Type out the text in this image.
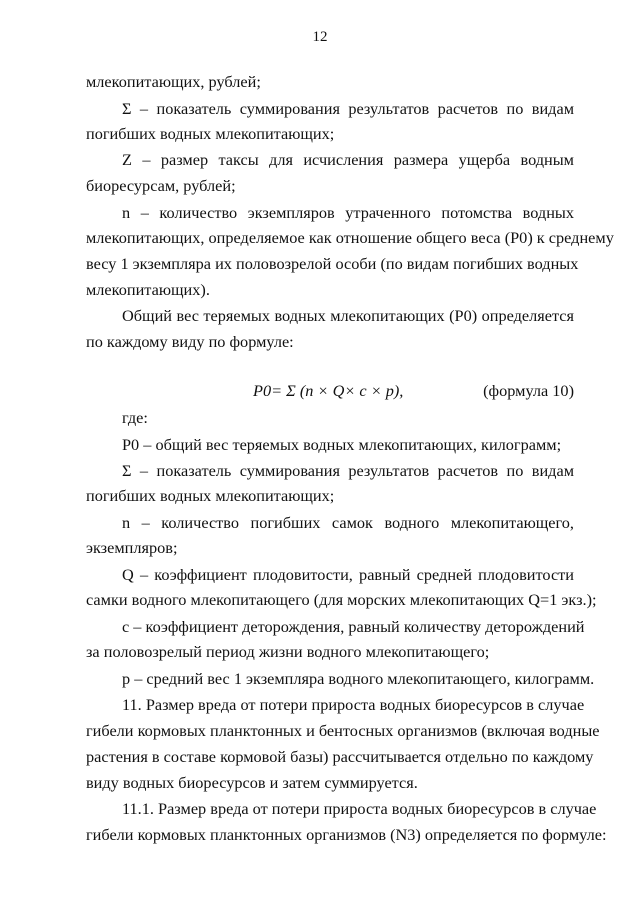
12
млекопитающих, рублей;
Σ – показатель суммирования результатов расчетов по видам
погибших водных млекопитающих;
Z – размер таксы для исчисления размера ущерба водным
биоресурсам, рублей;
n – количество экземпляров утраченного потомства водных
млекопитающих, определяемое как отношение общего веса (P0) к среднему
весу 1 экземпляра их половозрелой особи (по видам погибших водных
млекопитающих).
Общий вес теряемых водных млекопитающих (P0) определяется
по каждому виду по формуле:
P0= Σ (n × Q× c × p),	(формула 10)
где:
P0 – общий вес теряемых водных млекопитающих, килограмм;
Σ – показатель суммирования результатов расчетов по видам
погибших водных млекопитающих;
n – количество погибших самок водного млекопитающего,
экземпляров;
Q – коэффициент плодовитости, равный средней плодовитости
самки водного млекопитающего (для морских млекопитающих Q=1 экз.);
c – коэффициент деторождения, равный количеству деторождений
за половозрелый период жизни водного млекопитающего;
p – средний вес 1 экземпляра водного млекопитающего, килограмм.
11. Размер вреда от потери прироста водных биоресурсов в случае
гибели кормовых планктонных и бентосных организмов (включая водные
растения в составе кормовой базы) рассчитывается отдельно по каждому
виду водных биоресурсов и затем суммируется.
11.1. Размер вреда от потери прироста водных биоресурсов в случае
гибели кормовых планктонных организмов (N3) определяется по формуле:
